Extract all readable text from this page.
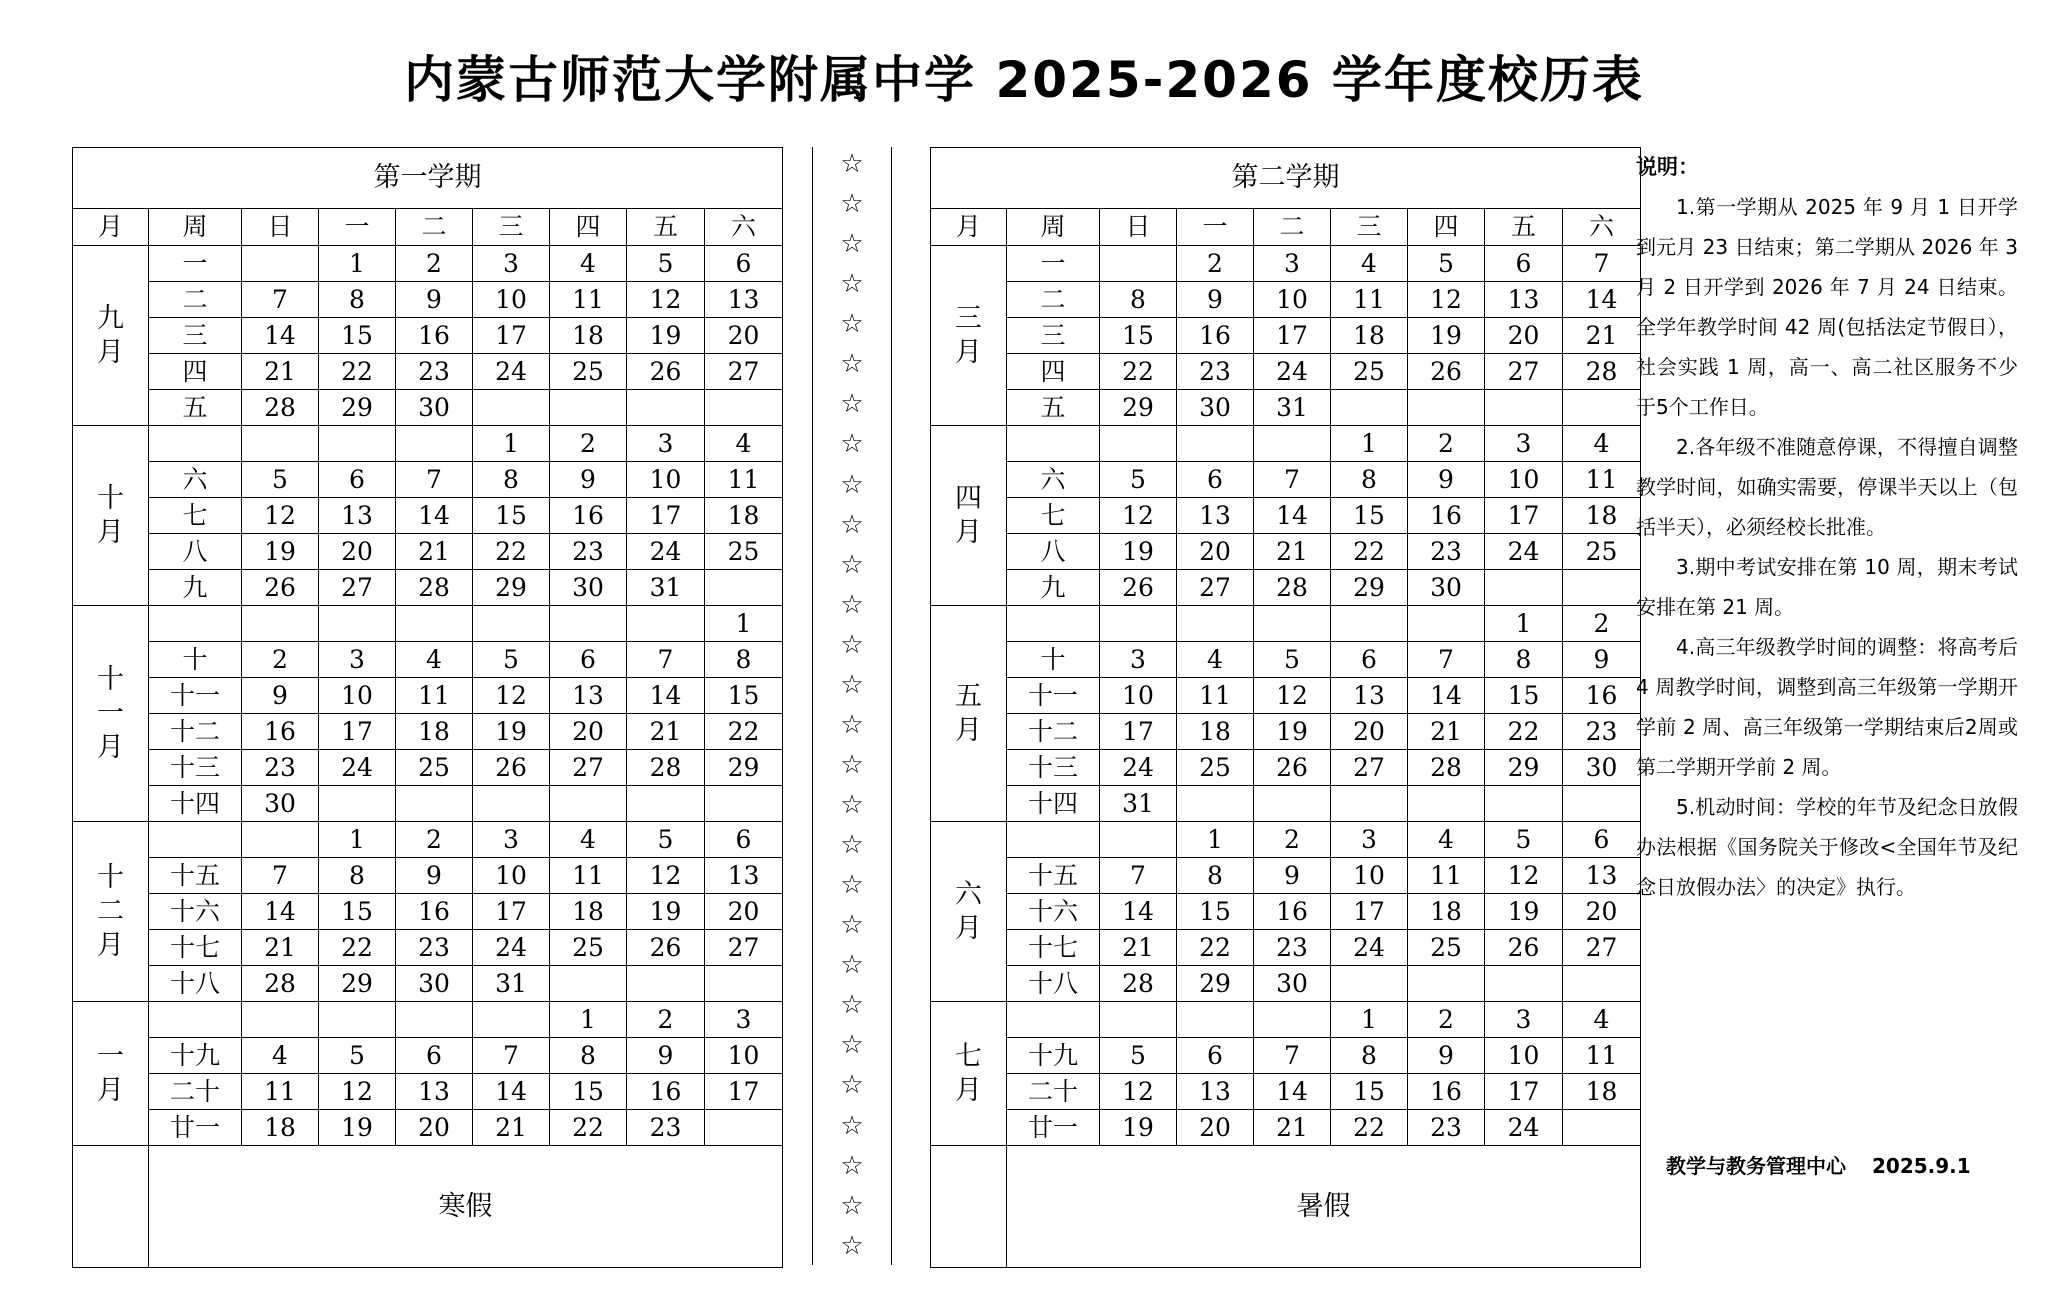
内蒙古师范大学附属中学 2025-2026 学年度校历表
第一学期								
月	周	日	一	二	三	四	五	六
九月	一		1	2	3	4	5	6
	二	7	8	9	10	11	12	13
	三	14	15	16	17	18	19	20
	四	21	22	23	24	25	26	27
	五	28	29	30				
十月					1	2	3	4
	六	5	6	7	8	9	10	11
	七	12	13	14	15	16	17	18
	八	19	20	21	22	23	24	25
	九	26	27	28	29	30	31	
十一月								1
	十	2	3	4	5	6	7	8
	十一	9	10	11	12	13	14	15
	十二	16	17	18	19	20	21	22
	十三	23	24	25	26	27	28	29
	十四	30						
十二月			1	2	3	4	5	6
	十五	7	8	9	10	11	12	13
	十六	14	15	16	17	18	19	20
	十七	21	22	23	24	25	26	27
	十八	28	29	30	31			
一月						1	2	3
	十九	4	5	6	7	8	9	10
	二十	11	12	13	14	15	16	17
	廿一	18	19	20	21	22	23	
	寒假							
☆
☆
☆
☆
☆
☆
☆
☆
☆
☆
☆
☆
☆
☆
☆
☆
☆
☆
☆
☆
☆
☆
☆
☆
☆
☆
☆
☆
第二学期								
月	周	日	一	二	三	四	五	六
三月	一		2	3	4	5	6	7
	二	8	9	10	11	12	13	14
	三	15	16	17	18	19	20	21
	四	22	23	24	25	26	27	28
	五	29	30	31				
四月					1	2	3	4
	六	5	6	7	8	9	10	11
	七	12	13	14	15	16	17	18
	八	19	20	21	22	23	24	25
	九	26	27	28	29	30		
五月							1	2
	十	3	4	5	6	7	8	9
	十一	10	11	12	13	14	15	16
	十二	17	18	19	20	21	22	23
	十三	24	25	26	27	28	29	30
	十四	31						
六月			1	2	3	4	5	6
	十五	7	8	9	10	11	12	13
	十六	14	15	16	17	18	19	20
	十七	21	22	23	24	25	26	27
	十八	28	29	30				
七月					1	2	3	4
	十九	5	6	7	8	9	10	11
	二十	12	13	14	15	16	17	18
	廿一	19	20	21	22	23	24	
	暑假							
说明：

1.第一学期从 2025 年 9 月 1 日开学到元月 23 日结束；第二学期从 2026 年 3 月 2 日开学到 2026 年 7 月 24 日结束。全学年教学时间 42 周(包括法定节假日），社会实践 1 周，高一、高二社区服务不少于5个工作日。

2.各年级不准随意停课，不得擅自调整教学时间，如确实需要，停课半天以上（包括半天），必须经校长批准。

3.期中考试安排在第 10 周，期末考试安排在第 21 周。

4.高三年级教学时间的调整：将高考后 4 周教学时间，调整到高三年级第一学期开学前 2 周、高三年级第一学期结束后2周或第二学期开学前 2 周。

5.机动时间：学校的年节及纪念日放假办法根据《国务院关于修改<全国年节及纪念日放假办法〉的决定》执行。

教学与教务管理中心 2025.9.1
